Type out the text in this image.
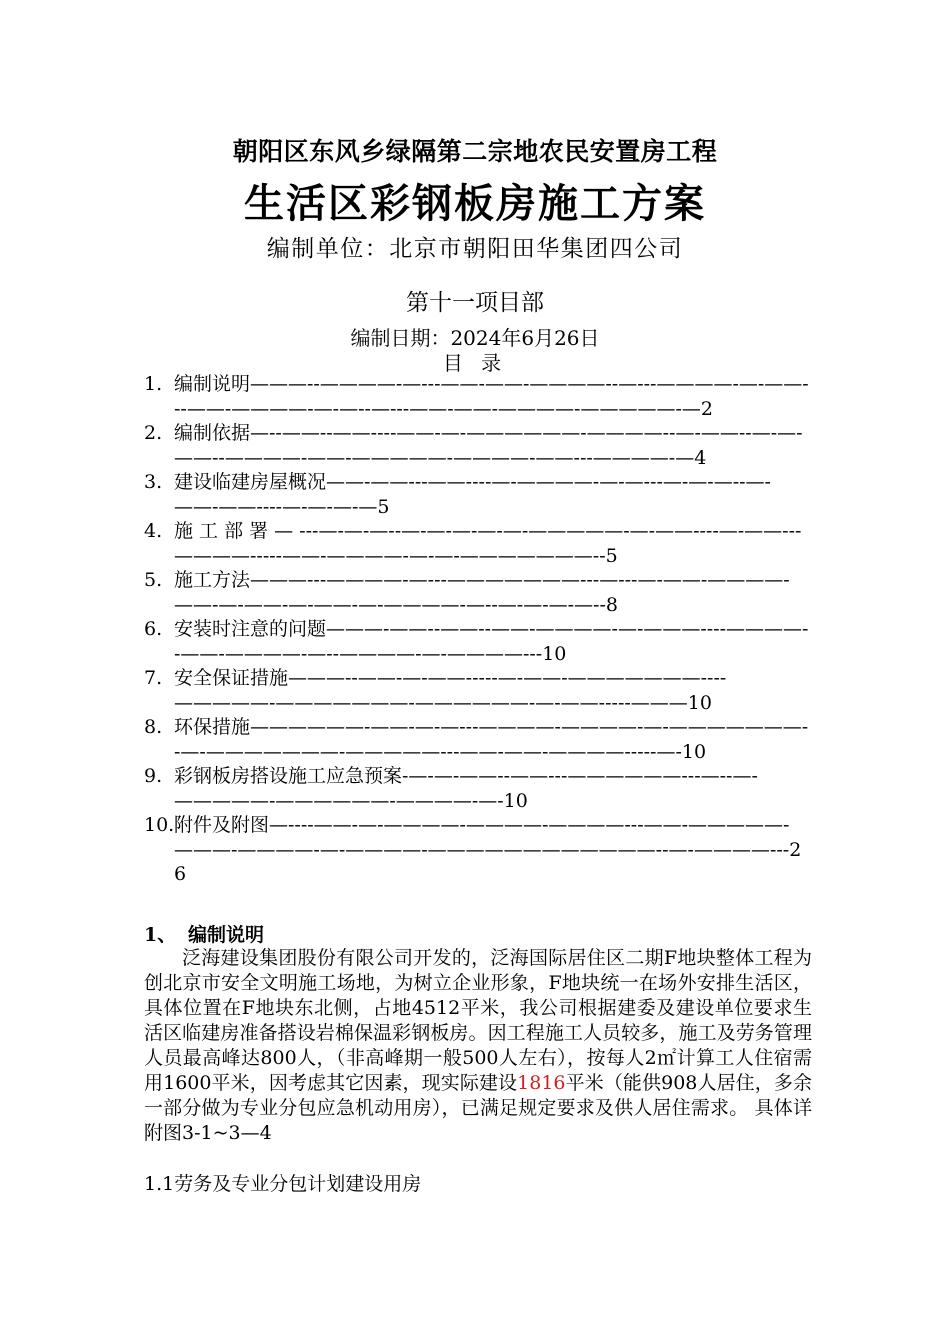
朝阳区东风乡绿隔第二宗地农民安置房工程
生活区彩钢板房施工方案
编制单位：北京市朝阳田华集团四公司
第十一项目部
编制日期：2024年6月26日
目 录
1. 编制说明———--————-—---——-——-————--—---————-—-——---——-————-—-—--—---——-——-————-—————-—2
2. 编制依据—--——--——----——-—-——————-————--—-——--—-—-——--————-——-—————-————-——---————-—4
3. 建设临建房屋概况——-——---——----—-————-—-—---—-—-—--—-——-——----—-—-—-—5
4. 施 工 部 署 — ---—-—-—--—-—-—-—-—-—————-—-——----—-——---————-----——-————-—-—-———————--5
5. 施工方法———---————-—---———————---—---—-——-————-——-—-——-—-——-—-————-—--—-—-—-—--8
6. 安装时注意的问题———-——--——--——-————-—-———----————--——-————-—--————-—-————---10
7. 安全保证措施———--——-—-——-----—-——-———————----—————-———————-——————-—-——-----———10
8. 环保措施——————-——-—-—---————-————-—-———————--—-———————-—————---——-——-————-----—-10
9. 彩钢板房搭设施工应急预案-—-—-——--——---——————---—--—-—————-——————-————-—-10
10. 附件及附图—----——-—-————-————-————---——-—————-———-————-—-————-————————————--—-————---26
1、 编制说明
泛海建设集团股份有限公司开发的，泛海国际居住区二期F地块整体工程为创北京市安全文明施工场地，为树立企业形象，F地块统一在场外安排生活区，具体位置在F地块东北侧，占地4512平米，我公司根据建委及建设单位要求生活区临建房准备搭设岩棉保温彩钢板房。因工程施工人员较多，施工及劳务管理人员最高峰达800人，（非高峰期一般500人左右），按每人2㎡计算工人住宿需用1600平米，因考虑其它因素，现实际建设1816平米（能供908人居住，多余一部分做为专业分包应急机动用房），已满足规定要求及供人居住需求。 具体详附图3-1~3—4
1.1劳务及专业分包计划建设用房
